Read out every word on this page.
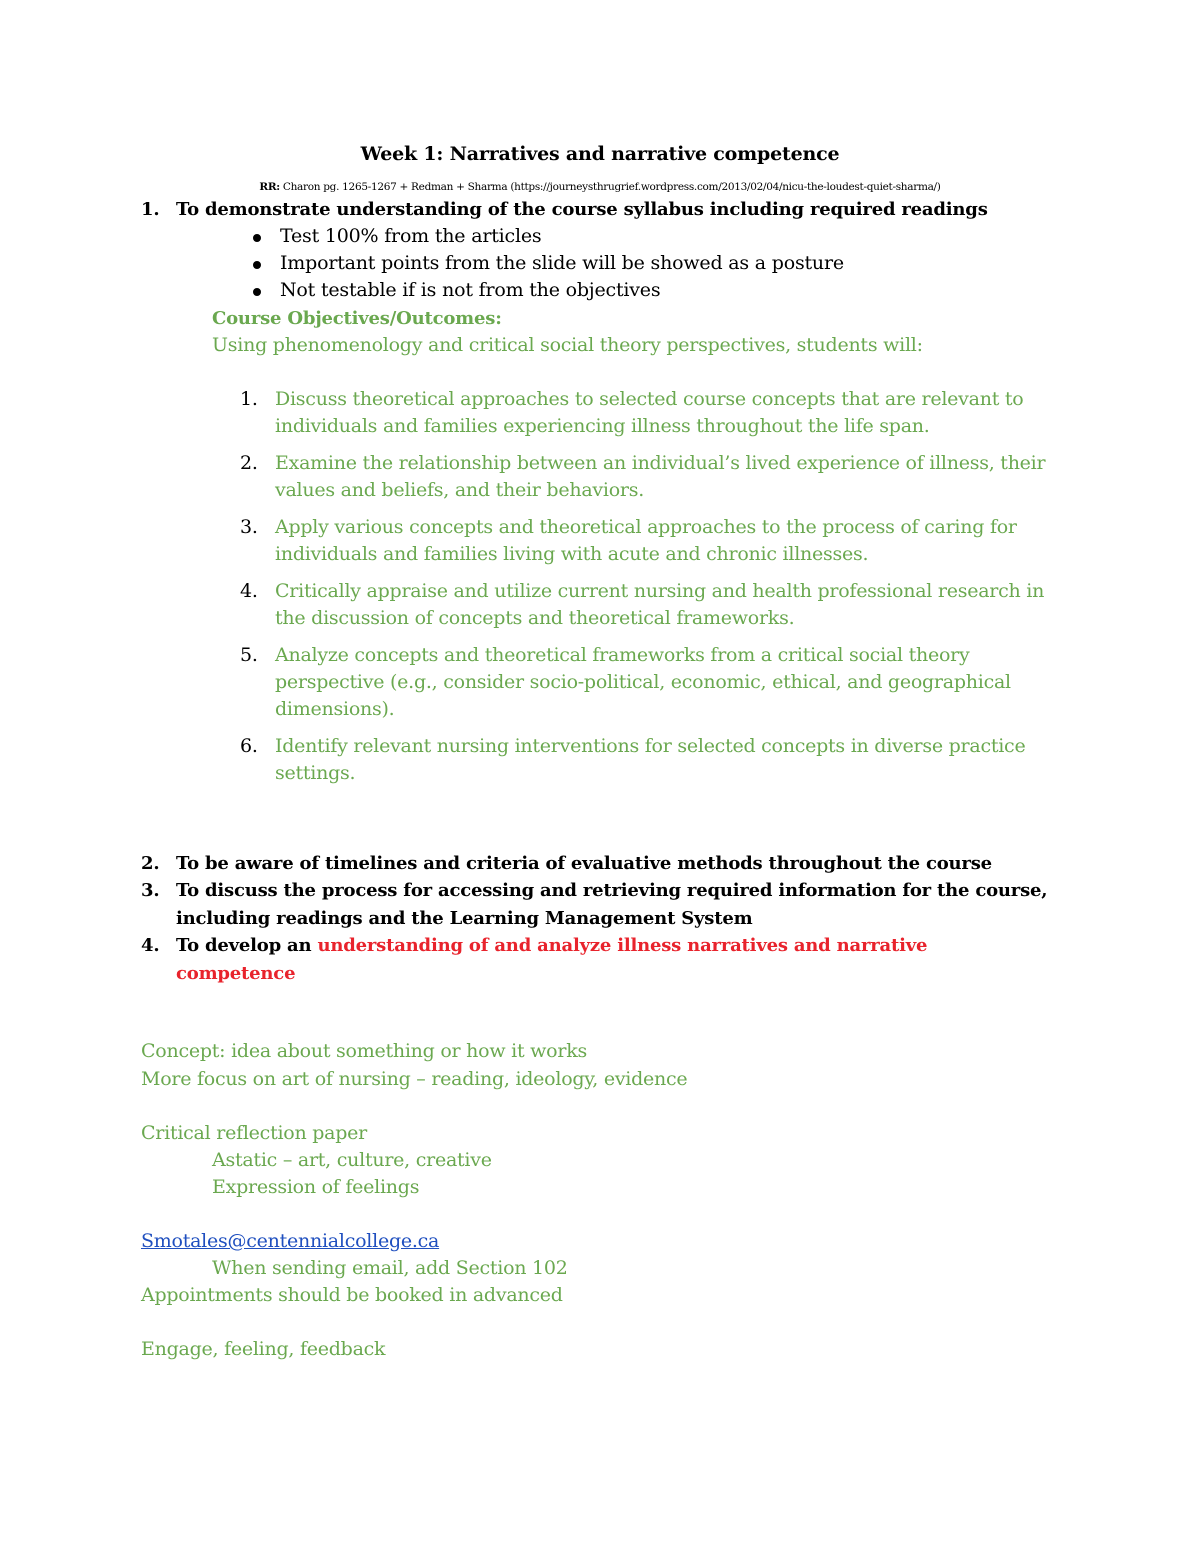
Week 1: Narratives and narrative competence
RR: Charon pg. 1265-1267 + Redman + Sharma (https://journeysthrugrief.wordpress.com/2013/02/04/nicu-the-loudest-quiet-sharma/)
1. To demonstrate understanding of the course syllabus including required readings
Test 100% from the articles
Important points from the slide will be showed as a posture
Not testable if is not from the objectives
Course Objectives/Outcomes:
Using phenomenology and critical social theory perspectives, students will:
1. Discuss theoretical approaches to selected course concepts that are relevant to
individuals and families experiencing illness throughout the life span.
2. Examine the relationship between an individual’s lived experience of illness, their
values and beliefs, and their behaviors.
3. Apply various concepts and theoretical approaches to the process of caring for
individuals and families living with acute and chronic illnesses.
4. Critically appraise and utilize current nursing and health professional research in
the discussion of concepts and theoretical frameworks.
5. Analyze concepts and theoretical frameworks from a critical social theory
perspective (e.g., consider socio-political, economic, ethical, and geographical
dimensions).
6. Identify relevant nursing interventions for selected concepts in diverse practice
settings.
2. To be aware of timelines and criteria of evaluative methods throughout the course
3. To discuss the process for accessing and retrieving required information for the course,
including readings and the Learning Management System
4. To develop an understanding of and analyze illness narratives and narrative
competence
Concept: idea about something or how it works
More focus on art of nursing – reading, ideology, evidence
Critical reflection paper
Astatic – art, culture, creative
Expression of feelings
Smotales@centennialcollege.ca
When sending email, add Section 102
Appointments should be booked in advanced
Engage, feeling, feedback
